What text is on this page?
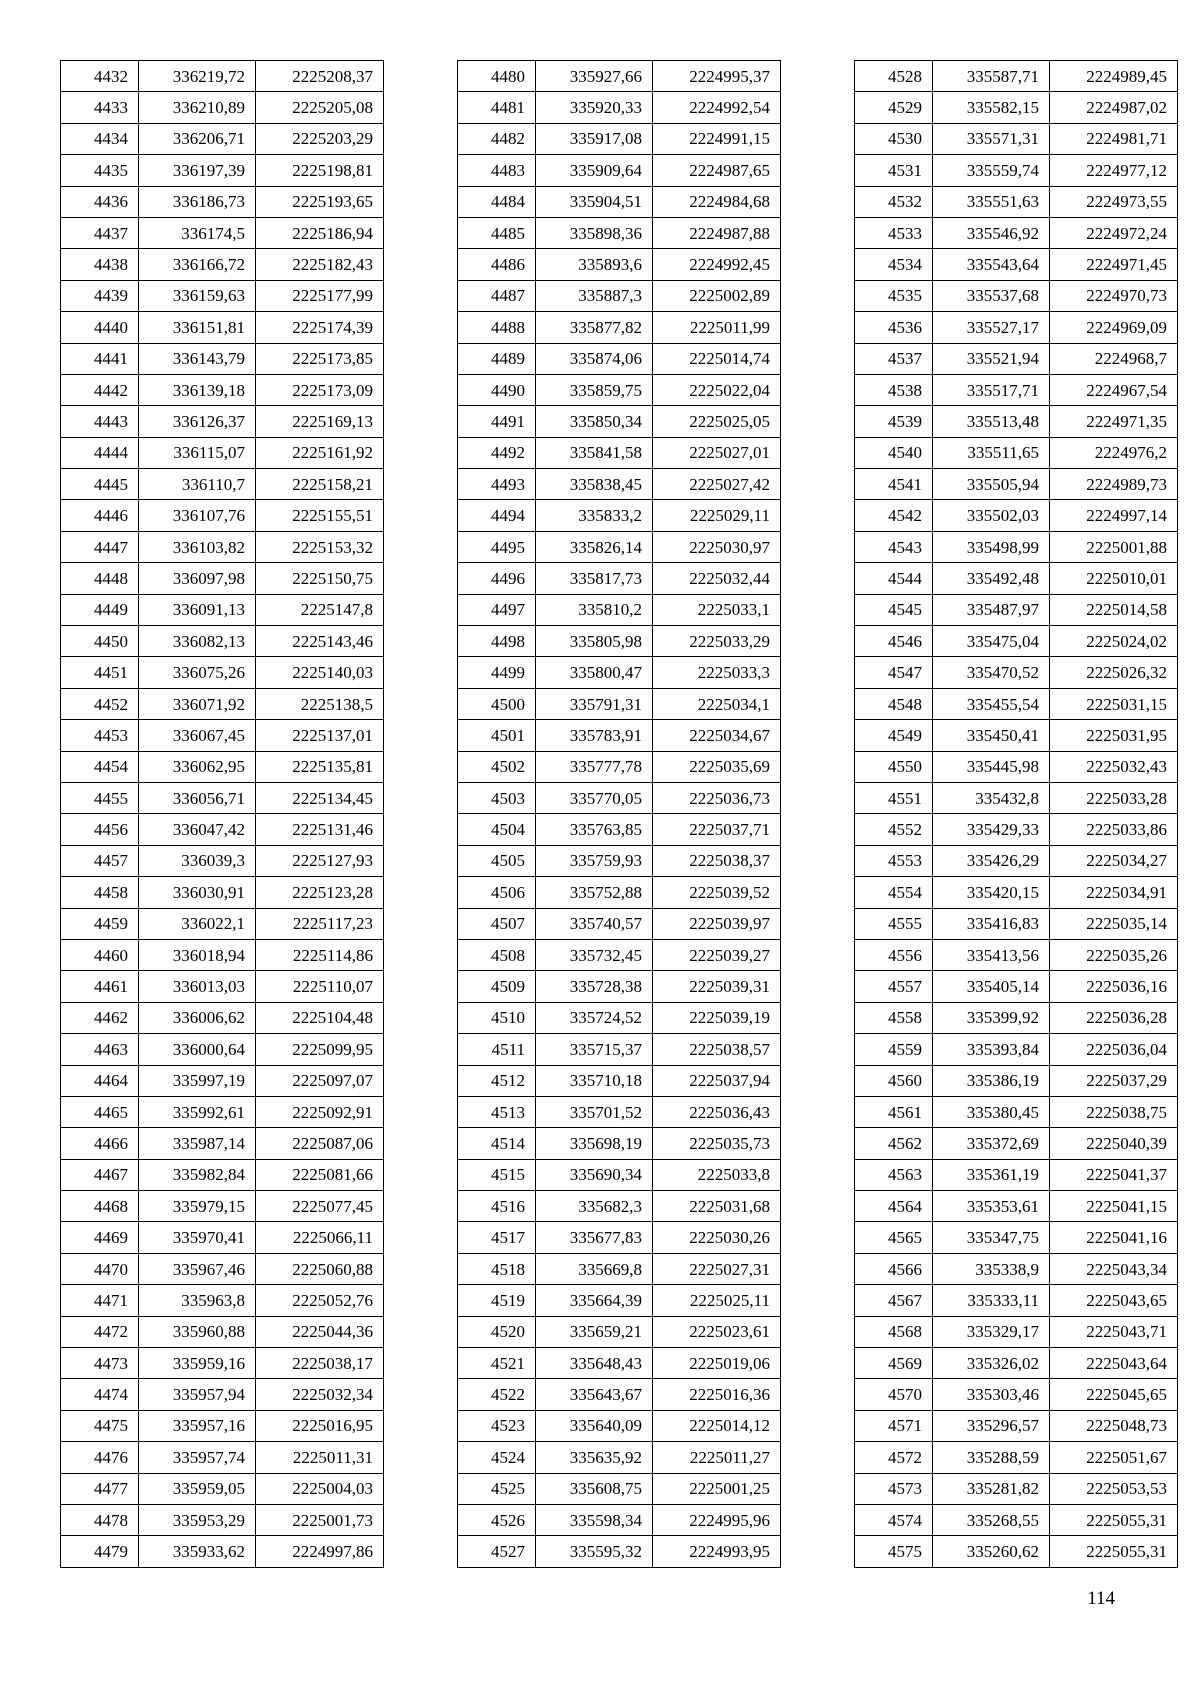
4432	336219,72	2225208,37
4433	336210,89	2225205,08
4434	336206,71	2225203,29
4435	336197,39	2225198,81
4436	336186,73	2225193,65
4437	336174,5	2225186,94
4438	336166,72	2225182,43
4439	336159,63	2225177,99
4440	336151,81	2225174,39
4441	336143,79	2225173,85
4442	336139,18	2225173,09
4443	336126,37	2225169,13
4444	336115,07	2225161,92
4445	336110,7	2225158,21
4446	336107,76	2225155,51
4447	336103,82	2225153,32
4448	336097,98	2225150,75
4449	336091,13	2225147,8
4450	336082,13	2225143,46
4451	336075,26	2225140,03
4452	336071,92	2225138,5
4453	336067,45	2225137,01
4454	336062,95	2225135,81
4455	336056,71	2225134,45
4456	336047,42	2225131,46
4457	336039,3	2225127,93
4458	336030,91	2225123,28
4459	336022,1	2225117,23
4460	336018,94	2225114,86
4461	336013,03	2225110,07
4462	336006,62	2225104,48
4463	336000,64	2225099,95
4464	335997,19	2225097,07
4465	335992,61	2225092,91
4466	335987,14	2225087,06
4467	335982,84	2225081,66
4468	335979,15	2225077,45
4469	335970,41	2225066,11
4470	335967,46	2225060,88
4471	335963,8	2225052,76
4472	335960,88	2225044,36
4473	335959,16	2225038,17
4474	335957,94	2225032,34
4475	335957,16	2225016,95
4476	335957,74	2225011,31
4477	335959,05	2225004,03
4478	335953,29	2225001,73
4479	335933,62	2224997,86
4480	335927,66	2224995,37
4481	335920,33	2224992,54
4482	335917,08	2224991,15
4483	335909,64	2224987,65
4484	335904,51	2224984,68
4485	335898,36	2224987,88
4486	335893,6	2224992,45
4487	335887,3	2225002,89
4488	335877,82	2225011,99
4489	335874,06	2225014,74
4490	335859,75	2225022,04
4491	335850,34	2225025,05
4492	335841,58	2225027,01
4493	335838,45	2225027,42
4494	335833,2	2225029,11
4495	335826,14	2225030,97
4496	335817,73	2225032,44
4497	335810,2	2225033,1
4498	335805,98	2225033,29
4499	335800,47	2225033,3
4500	335791,31	2225034,1
4501	335783,91	2225034,67
4502	335777,78	2225035,69
4503	335770,05	2225036,73
4504	335763,85	2225037,71
4505	335759,93	2225038,37
4506	335752,88	2225039,52
4507	335740,57	2225039,97
4508	335732,45	2225039,27
4509	335728,38	2225039,31
4510	335724,52	2225039,19
4511	335715,37	2225038,57
4512	335710,18	2225037,94
4513	335701,52	2225036,43
4514	335698,19	2225035,73
4515	335690,34	2225033,8
4516	335682,3	2225031,68
4517	335677,83	2225030,26
4518	335669,8	2225027,31
4519	335664,39	2225025,11
4520	335659,21	2225023,61
4521	335648,43	2225019,06
4522	335643,67	2225016,36
4523	335640,09	2225014,12
4524	335635,92	2225011,27
4525	335608,75	2225001,25
4526	335598,34	2224995,96
4527	335595,32	2224993,95
4528	335587,71	2224989,45
4529	335582,15	2224987,02
4530	335571,31	2224981,71
4531	335559,74	2224977,12
4532	335551,63	2224973,55
4533	335546,92	2224972,24
4534	335543,64	2224971,45
4535	335537,68	2224970,73
4536	335527,17	2224969,09
4537	335521,94	2224968,7
4538	335517,71	2224967,54
4539	335513,48	2224971,35
4540	335511,65	2224976,2
4541	335505,94	2224989,73
4542	335502,03	2224997,14
4543	335498,99	2225001,88
4544	335492,48	2225010,01
4545	335487,97	2225014,58
4546	335475,04	2225024,02
4547	335470,52	2225026,32
4548	335455,54	2225031,15
4549	335450,41	2225031,95
4550	335445,98	2225032,43
4551	335432,8	2225033,28
4552	335429,33	2225033,86
4553	335426,29	2225034,27
4554	335420,15	2225034,91
4555	335416,83	2225035,14
4556	335413,56	2225035,26
4557	335405,14	2225036,16
4558	335399,92	2225036,28
4559	335393,84	2225036,04
4560	335386,19	2225037,29
4561	335380,45	2225038,75
4562	335372,69	2225040,39
4563	335361,19	2225041,37
4564	335353,61	2225041,15
4565	335347,75	2225041,16
4566	335338,9	2225043,34
4567	335333,11	2225043,65
4568	335329,17	2225043,71
4569	335326,02	2225043,64
4570	335303,46	2225045,65
4571	335296,57	2225048,73
4572	335288,59	2225051,67
4573	335281,82	2225053,53
4574	335268,55	2225055,31
4575	335260,62	2225055,31
114
